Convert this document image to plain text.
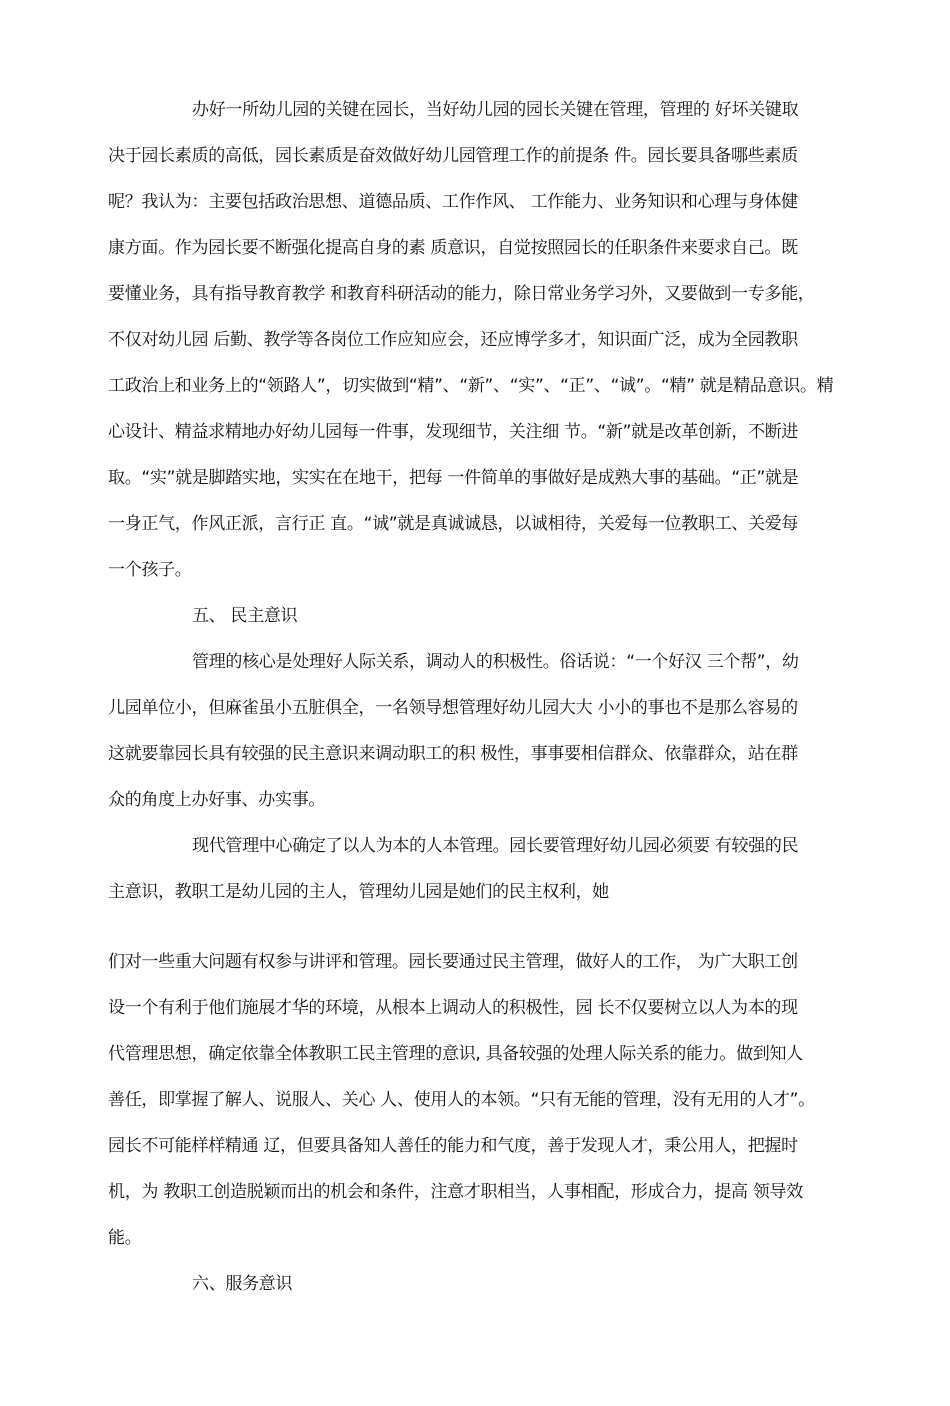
办好一所幼儿园的关键在园长，当好幼儿园的园长关键在管理，管理的 好坏关键取
决于园长素质的高低，园长素质是奋效做好幼儿园管理工作的前提条 件。园长要具备哪些素质
呢？我认为：主要包括政治思想、道德品质、工作作风、 工作能力、业务知识和心理与身体健
康方面。作为园长要不断强化提高自身的素 质意识，自觉按照园长的任职条件来要求自己。既
要懂业务，具有指导教育教学 和教育科研活动的能力，除日常业务学习外，又要做到一专多能，
不仅对幼儿园 后勤、教学等各岗位工作应知应会，还应博学多才，知识面广泛，成为全园教职
工政治上和业务上的“领路人”，切实做到“精”、“新”、“实”、“正”、“诚”。“精” 就是精品意识。精
心设计、精益求精地办好幼儿园每一件事，发现细节，关注细 节。“新”就是改革创新，不断进
取。“实”就是脚踏实地，实实在在地干，把每 一件简单的事做好是成熟大事的基础。“正”就是
一身正气，作风正派，言行正 直。“诚”就是真诚诚恳，以诚相待，关爱每一位教职工、关爱每
一个孩子。
五、 民主意识
管理的核心是处理好人际关系，调动人的积极性。俗话说：“一个好汉 三个帮”，幼
儿园单位小，但麻雀虽小五脏俱全，一名领导想管理好幼儿园大大 小小的事也不是那么容易的
这就要靠园长具有较强的民主意识来调动职工的积 极性，事事要相信群众、依靠群众，站在群
众的角度上办好事、办实事。
现代管理中心确定了以人为本的人本管理。园长要管理好幼儿园必须要 有较强的民
主意识，教职工是幼儿园的主人，管理幼儿园是她们的民主权利，她
们对一些重大问题有权参与讲评和管理。园长要通过民主管理，做好人的工作， 为广大职工创
设一个有利于他们施展才华的环境，从根本上调动人的积极性，园 长不仅要树立以人为本的现
代管理思想，确定依靠全体教职工民主管理的意识, 具备较强的处理人际关系的能力。做到知人
善任，即掌握了解人、说服人、关心 人、使用人的本领。“只有无能的管理，没有无用的人才”。
园长不可能样样精通 辽，但要具备知人善任的能力和气度，善于发现人才，秉公用人，把握时
机，为 教职工创造脱颖而出的机会和条件，注意才职相当，人事相配，形成合力，提高 领导效
能。
六、服务意识
